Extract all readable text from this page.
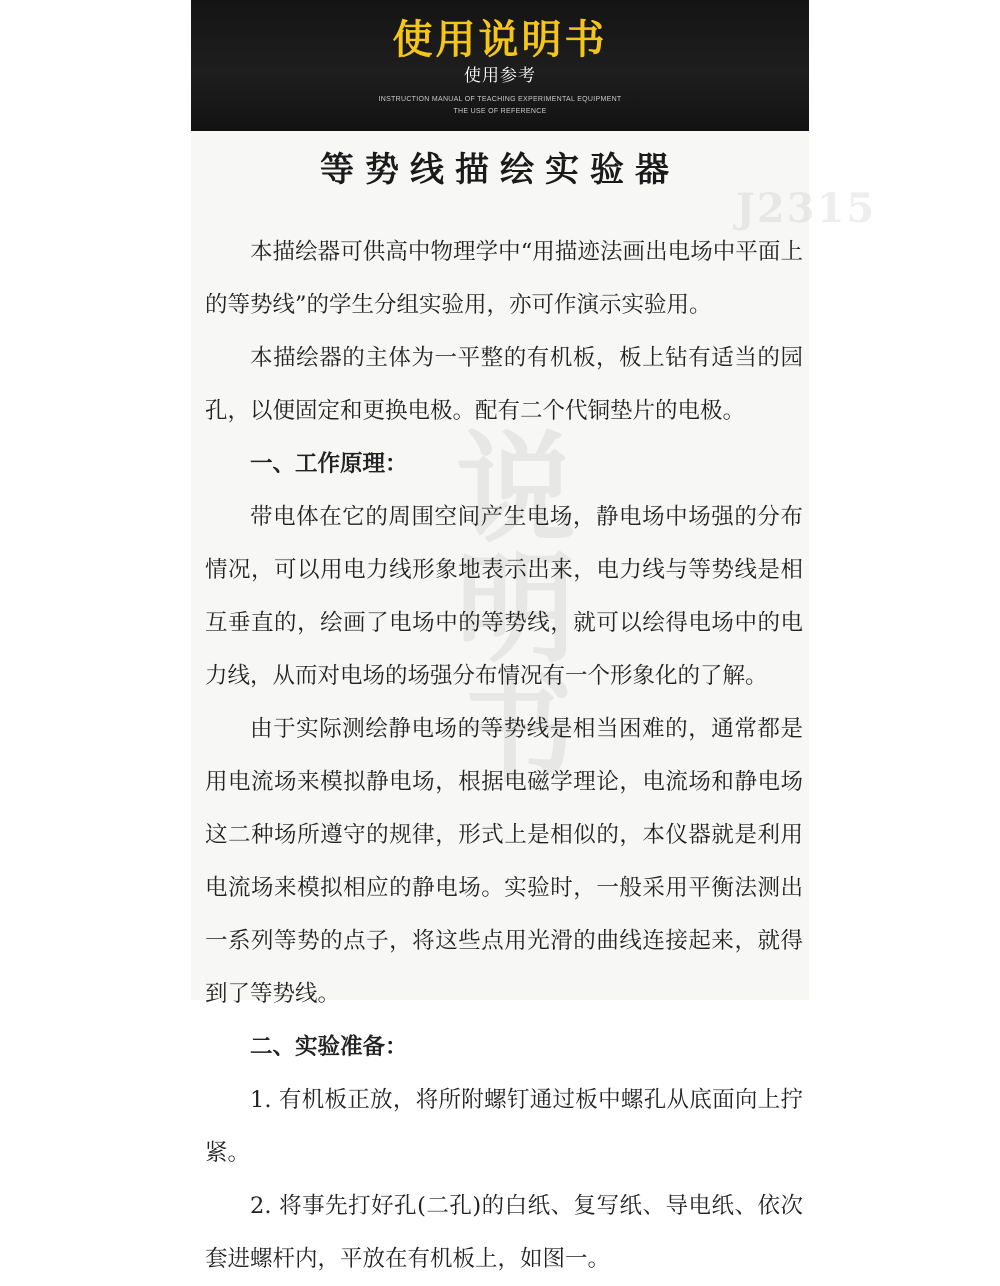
使用说明书
使用参考
INSTRUCTION MANUAL OF TEACHING EXPERIMENTAL EQUIPMENT
THE USE OF REFERENCE
J2315
说明书
等势线描绘实验器

本描绘器可供高中物理学中“用描迹法画出电场中平面上的等势线”的学生分组实验用，亦可作演示实验用。

本描绘器的主体为一平整的有机板，板上钻有适当的园孔，以便固定和更换电极。配有二个代铜垫片的电极。

一、工作原理：

带电体在它的周围空间产生电场，静电场中场强的分布情况，可以用电力线形象地表示出来，电力线与等势线是相互垂直的，绘画了电场中的等势线，就可以绘得电场中的电力线，从而对电场的场强分布情况有一个形象化的了解。

由于实际测绘静电场的等势线是相当困难的，通常都是用电流场来模拟静电场，根据电磁学理论，电流场和静电场这二种场所遵守的规律，形式上是相似的，本仪器就是利用电流场来模拟相应的静电场。实验时，一般采用平衡法测出一系列等势的点子，将这些点用光滑的曲线连接起来，就得到了等势线。

二、实验准备：

1. 有机板正放，将所附螺钉通过板中螺孔从底面向上拧紧。

2. 将事先打好孔(二孔)的白纸、复写纸、导电纸、依次套进螺杆内，平放在有机板上，如图一。
